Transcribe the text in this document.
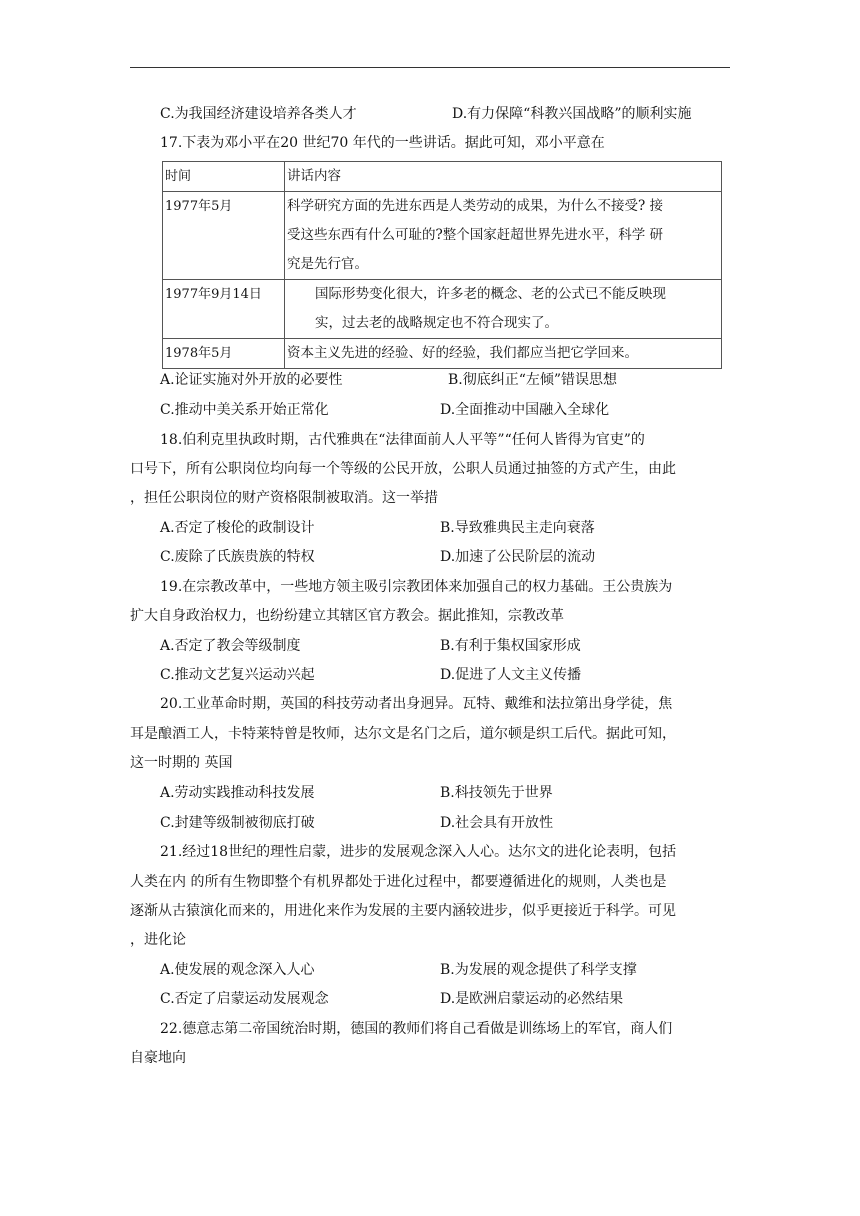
C.为我国经济建设培养各类人才	D.有力保障“科教兴国战略”的顺利实施
17.下表为邓小平在20 世纪70 年代的一些讲话。据此可知，邓小平意在
时间	讲话内容
1977年5月	科学研究方面的先进东西是人类劳动的成果，为什么不接受? 接
受这些东西有什么可耻的?整个国家赶超世界先进水平，科学 研
究是先行官。

1977年9月14日	国际形势变化很大，许多老的概念、老的公式已不能反映现
实，过去老的战略规定也不符合现实了。

1978年5月	资本主义先进的经验、好的经验，我们都应当把它学回来。
A.论证实施对外开放的必要性	B.彻底纠正“左倾”错误思想
C.推动中美关系开始正常化	D.全面推动中国融入全球化
18.伯利克里执政时期，古代雅典在“法律面前人人平等”“任何人皆得为官吏”的
口号下，所有公职岗位均向每一个等级的公民开放，公职人员通过抽签的方式产生，由此
，担任公职岗位的财产资格限制被取消。这一举措
A.否定了梭伦的政制设计	B.导致雅典民主走向衰落
C.废除了氏族贵族的特权	D.加速了公民阶层的流动
19.在宗教改革中，一些地方领主吸引宗教团体来加强自己的权力基础。王公贵族为
扩大自身政治权力，也纷纷建立其辖区官方教会。据此推知，宗教改革
A.否定了教会等级制度	B.有利于集权国家形成
C.推动文艺复兴运动兴起	D.促进了人文主义传播
20.工业革命时期，英国的科技劳动者出身迥异。瓦特、戴维和法拉第出身学徒，焦
耳是酿酒工人，卡特莱特曾是牧师，达尔文是名门之后，道尔顿是织工后代。据此可知，
这一时期的 英国
A.劳动实践推动科技发展	B.科技领先于世界
C.封建等级制被彻底打破	D.社会具有开放性
21.经过18世纪的理性启蒙，进步的发展观念深入人心。达尔文的进化论表明，包括
人类在内 的所有生物即整个有机界都处于进化过程中，都要遵循进化的规则，人类也是
逐渐从古猿演化而来的，用进化来作为发展的主要内涵较进步，似乎更接近于科学。可见
，进化论
A.使发展的观念深入人心	B.为发展的观念提供了科学支撑
C.否定了启蒙运动发展观念	D.是欧洲启蒙运动的必然结果
22.德意志第二帝国统治时期，德国的教师们将自己看做是训练场上的军官，商人们
自豪地向
